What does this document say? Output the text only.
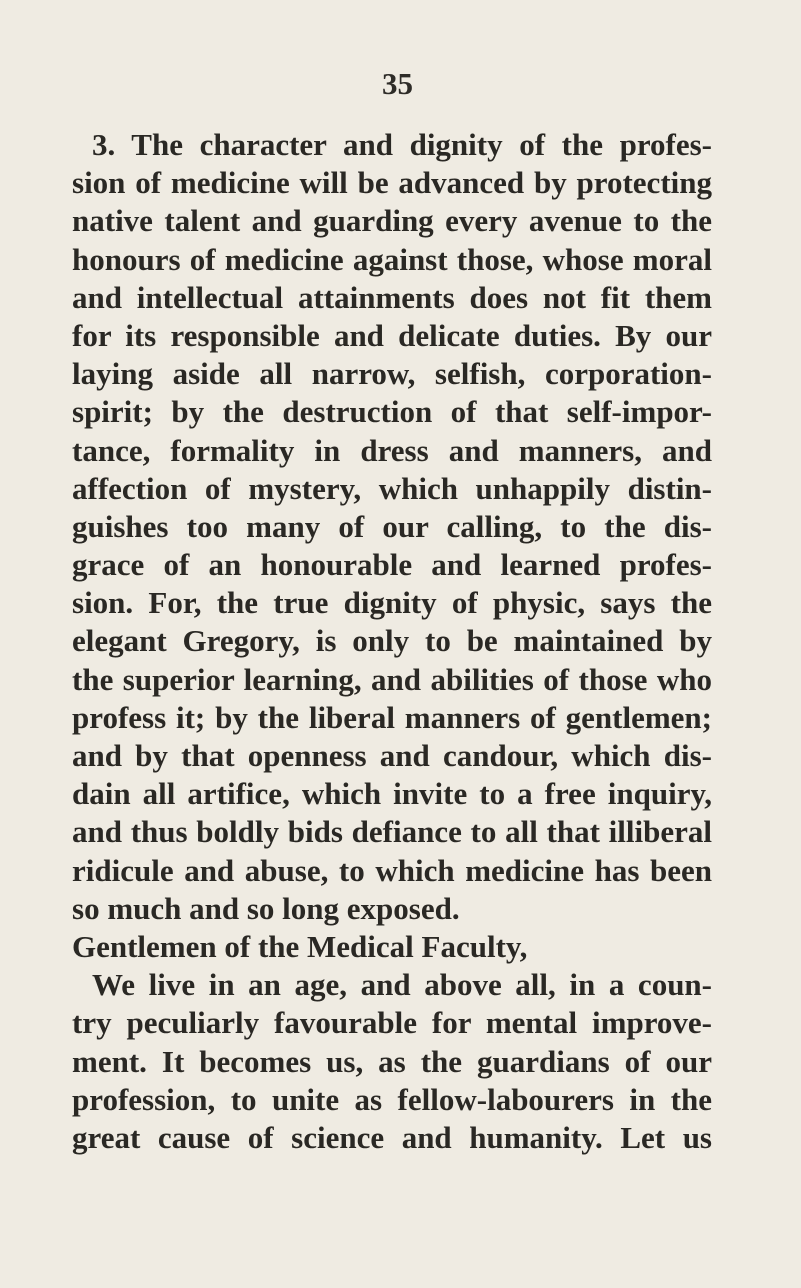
35
3. The character and dignity of the profes-
sion of medicine will be advanced by protecting
native talent and guarding every avenue to the
honours of medicine against those, whose moral
and intellectual attainments does not fit them
for its responsible and delicate duties. By our
laying aside all narrow, selfish, corporation-
spirit; by the destruction of that self-impor-
tance, formality in dress and manners, and
affection of mystery, which unhappily distin-
guishes too many of our calling, to the dis-
grace of an honourable and learned profes-
sion. For, the true dignity of physic, says the
elegant Gregory, is only to be maintained by
the superior learning, and abilities of those who
profess it; by the liberal manners of gentlemen;
and by that openness and candour, which dis-
dain all artifice, which invite to a free inquiry,
and thus boldly bids defiance to all that illiberal
ridicule and abuse, to which medicine has been
so much and so long exposed.
Gentlemen of the Medical Faculty,
We live in an age, and above all, in a coun-
try peculiarly favourable for mental improve-
ment. It becomes us, as the guardians of our
profession, to unite as fellow-labourers in the
great cause of science and humanity. Let us
